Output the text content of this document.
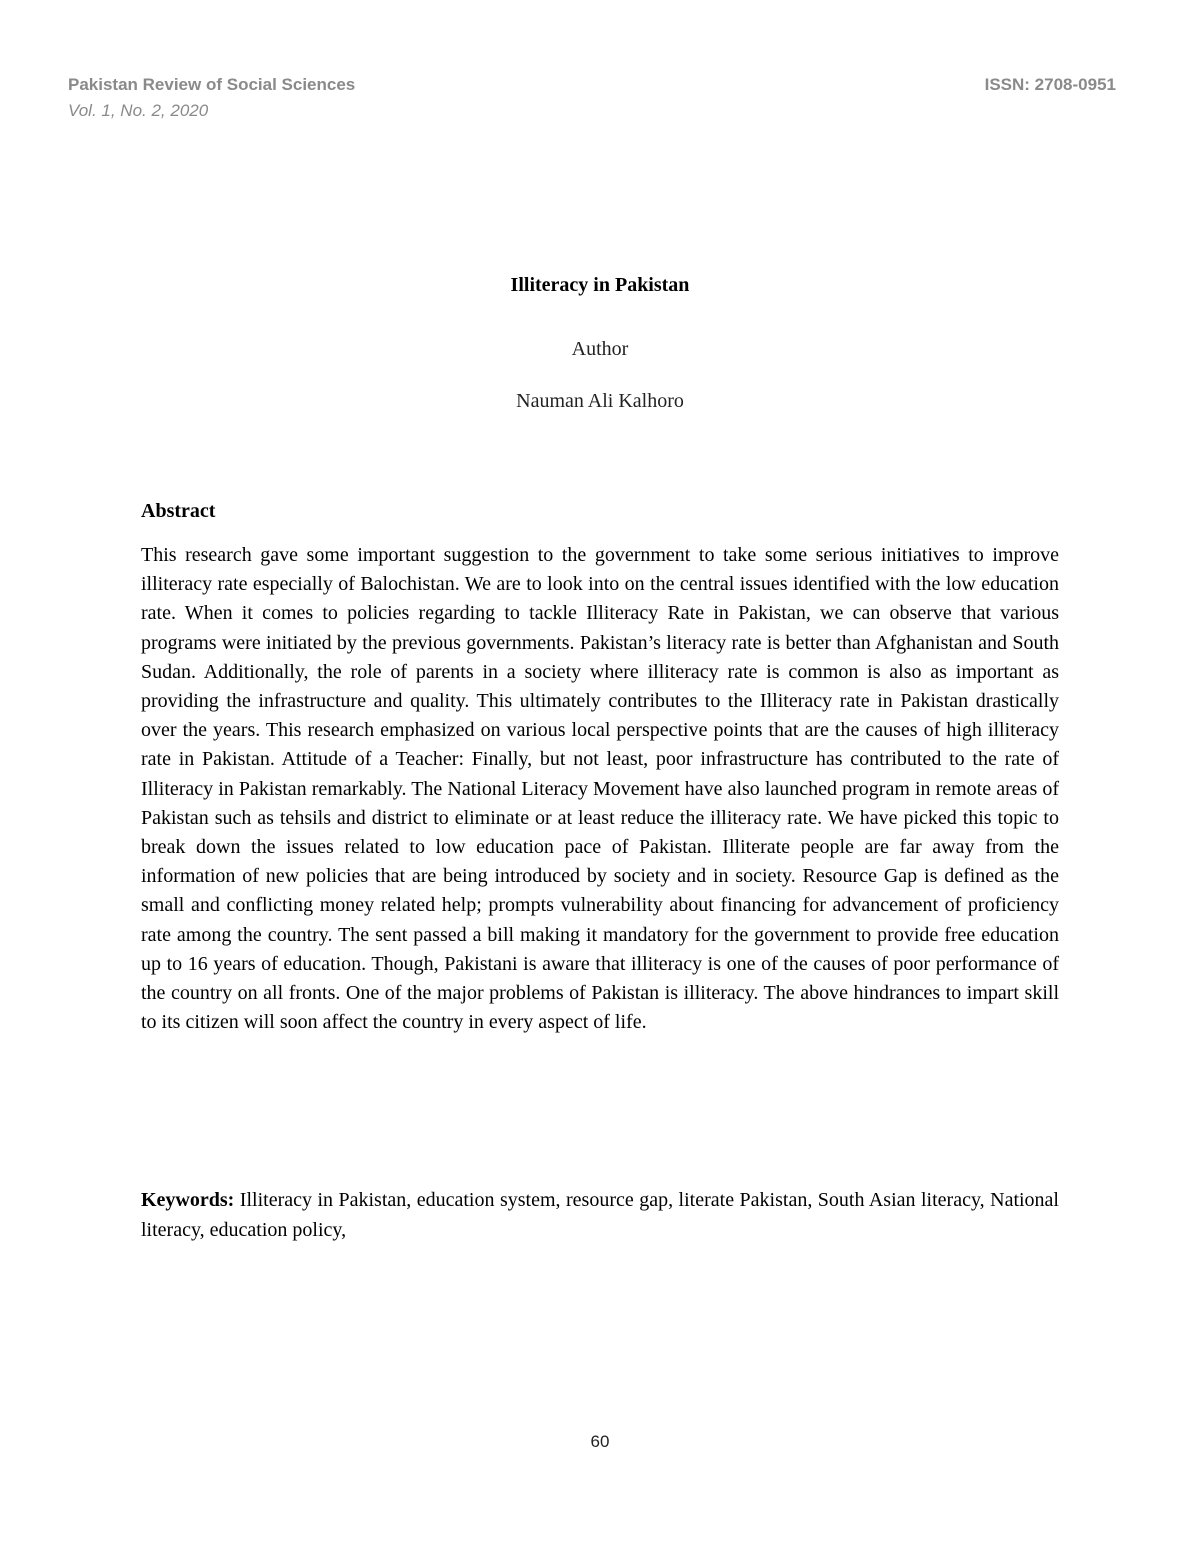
Pakistan Review of Social Sciences	ISSN: 2708-0951
Vol. 1, No. 2, 2020
Illiteracy in Pakistan
Author
Nauman Ali Kalhoro
Abstract

This research gave some important suggestion to the government to take some serious initiatives to improve illiteracy rate especially of Balochistan. We are to look into on the central issues identified with the low education rate. When it comes to policies regarding to tackle Illiteracy Rate in Pakistan, we can observe that various programs were initiated by the previous governments. Pakistan’s literacy rate is better than Afghanistan and South Sudan. Additionally, the role of parents in a society where illiteracy rate is common is also as important as providing the infrastructure and quality. This ultimately contributes to the Illiteracy rate in Pakistan drastically over the years. This research emphasized on various local perspective points that are the causes of high illiteracy rate in Pakistan. Attitude of a Teacher: Finally, but not least, poor infrastructure has contributed to the rate of Illiteracy in Pakistan remarkably. The National Literacy Movement have also launched program in remote areas of Pakistan such as tehsils and district to eliminate or at least reduce the illiteracy rate. We have picked this topic to break down the issues related to low education pace of Pakistan. Illiterate people are far away from the information of new policies that are being introduced by society and in society. Resource Gap is defined as the small and conflicting money related help; prompts vulnerability about financing for advancement of proficiency rate among the country. The sent passed a bill making it mandatory for the government to provide free education up to 16 years of education. Though, Pakistani is aware that illiteracy is one of the causes of poor performance of the country on all fronts. One of the major problems of Pakistan is illiteracy. The above hindrances to impart skill to its citizen will soon affect the country in every aspect of life.

Keywords: Illiteracy in Pakistan, education system, resource gap, literate Pakistan, South Asian literacy, National literacy, education policy,

60
